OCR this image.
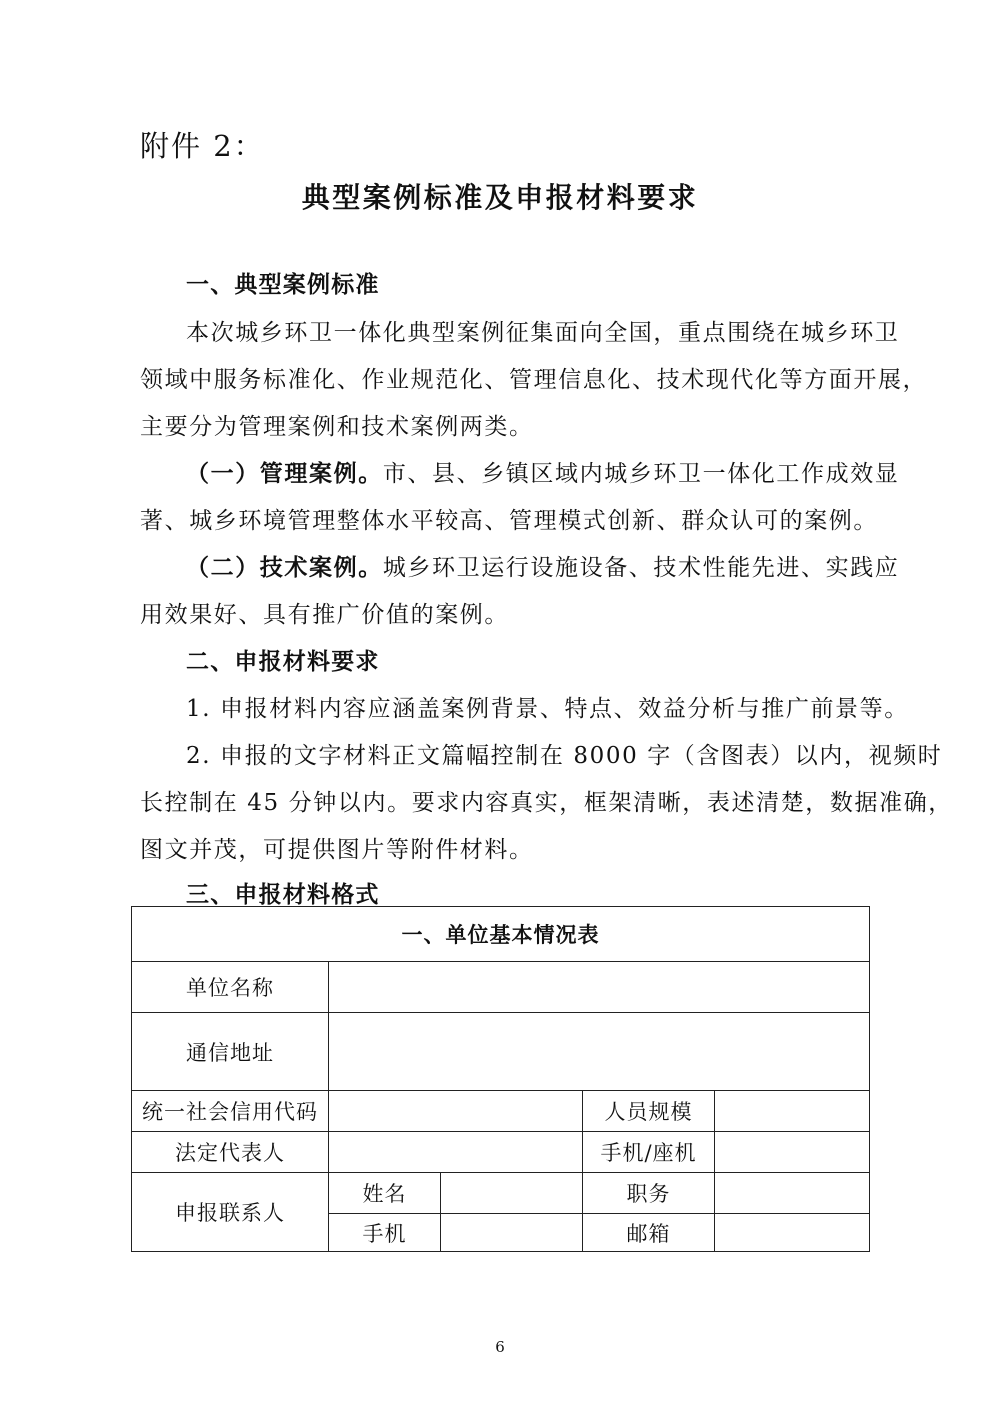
附件 2：
典型案例标准及申报材料要求
一、典型案例标准
本次城乡环卫一体化典型案例征集面向全国，重点围绕在城乡环卫
领域中服务标准化、作业规范化、管理信息化、技术现代化等方面开展，
主要分为管理案例和技术案例两类。
（一）管理案例。市、县、乡镇区域内城乡环卫一体化工作成效显
著、城乡环境管理整体水平较高、管理模式创新、群众认可的案例。
（二）技术案例。城乡环卫运行设施设备、技术性能先进、实践应
用效果好、具有推广价值的案例。
二、申报材料要求
1. 申报材料内容应涵盖案例背景、特点、效益分析与推广前景等。
2. 申报的文字材料正文篇幅控制在 8000 字（含图表）以内，视频时
长控制在 45 分钟以内。要求内容真实，框架清晰，表述清楚，数据准确，
图文并茂，可提供图片等附件材料。
三、申报材料格式
一、单位基本情况表				
单位名称				
通信地址				
统一社会信用代码			人员规模	
法定代表人			手机/座机	
申报联系人	姓名		职务	
	手机		邮箱	
6
